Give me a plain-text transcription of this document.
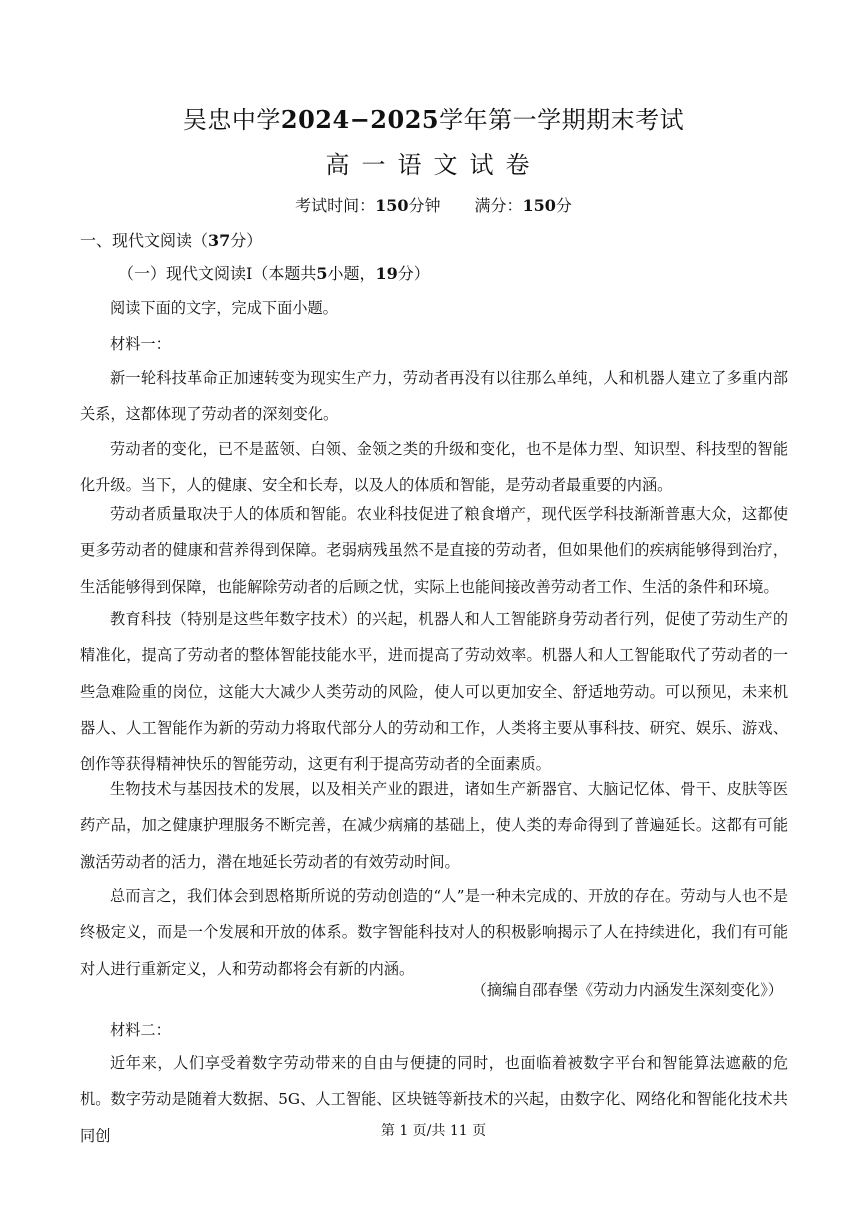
吴忠中学2024−2025学年第一学期期末考试
高一语文试卷
考试时间：150分钟 满分：150分
一、现代文阅读（37分）
（一）现代文阅读Ⅰ（本题共5小题，19分）
阅读下面的文字，完成下面小题。
材料一：
新一轮科技革命正加速转变为现实生产力，劳动者再没有以往那么单纯，人和机器人建立了多重内部关系，这都体现了劳动者的深刻变化。
劳动者的变化，已不是蓝领、白领、金领之类的升级和变化，也不是体力型、知识型、科技型的智能化升级。当下，人的健康、安全和长寿，以及人的体质和智能，是劳动者最重要的内涵。
劳动者质量取决于人的体质和智能。农业科技促进了粮食增产，现代医学科技渐渐普惠大众，这都使更多劳动者的健康和营养得到保障。老弱病残虽然不是直接的劳动者，但如果他们的疾病能够得到治疗，生活能够得到保障，也能解除劳动者的后顾之忧，实际上也能间接改善劳动者工作、生活的条件和环境。
教育科技（特别是这些年数字技术）的兴起，机器人和人工智能跻身劳动者行列，促使了劳动生产的精准化，提高了劳动者的整体智能技能水平，进而提高了劳动效率。机器人和人工智能取代了劳动者的一些急难险重的岗位，这能大大减少人类劳动的风险，使人可以更加安全、舒适地劳动。可以预见，未来机器人、人工智能作为新的劳动力将取代部分人的劳动和工作，人类将主要从事科技、研究、娱乐、游戏、创作等获得精神快乐的智能劳动，这更有利于提高劳动者的全面素质。
生物技术与基因技术的发展，以及相关产业的跟进，诸如生产新器官、大脑记忆体、骨干、皮肤等医药产品，加之健康护理服务不断完善，在减少病痛的基础上，使人类的寿命得到了普遍延长。这都有可能激活劳动者的活力，潜在地延长劳动者的有效劳动时间。
总而言之，我们体会到恩格斯所说的劳动创造的“人”是一种未完成的、开放的存在。劳动与人也不是终极定义，而是一个发展和开放的体系。数字智能科技对人的积极影响揭示了人在持续进化，我们有可能对人进行重新定义，人和劳动都将会有新的内涵。
（摘编自邵春堡《劳动力内涵发生深刻变化》）
材料二：
近年来，人们享受着数字劳动带来的自由与便捷的同时，也面临着被数字平台和智能算法遮蔽的危机。数字劳动是随着大数据、5G、人工智能、区块链等新技术的兴起，由数字化、网络化和智能化技术共同创	第 1 页/共 11 页
